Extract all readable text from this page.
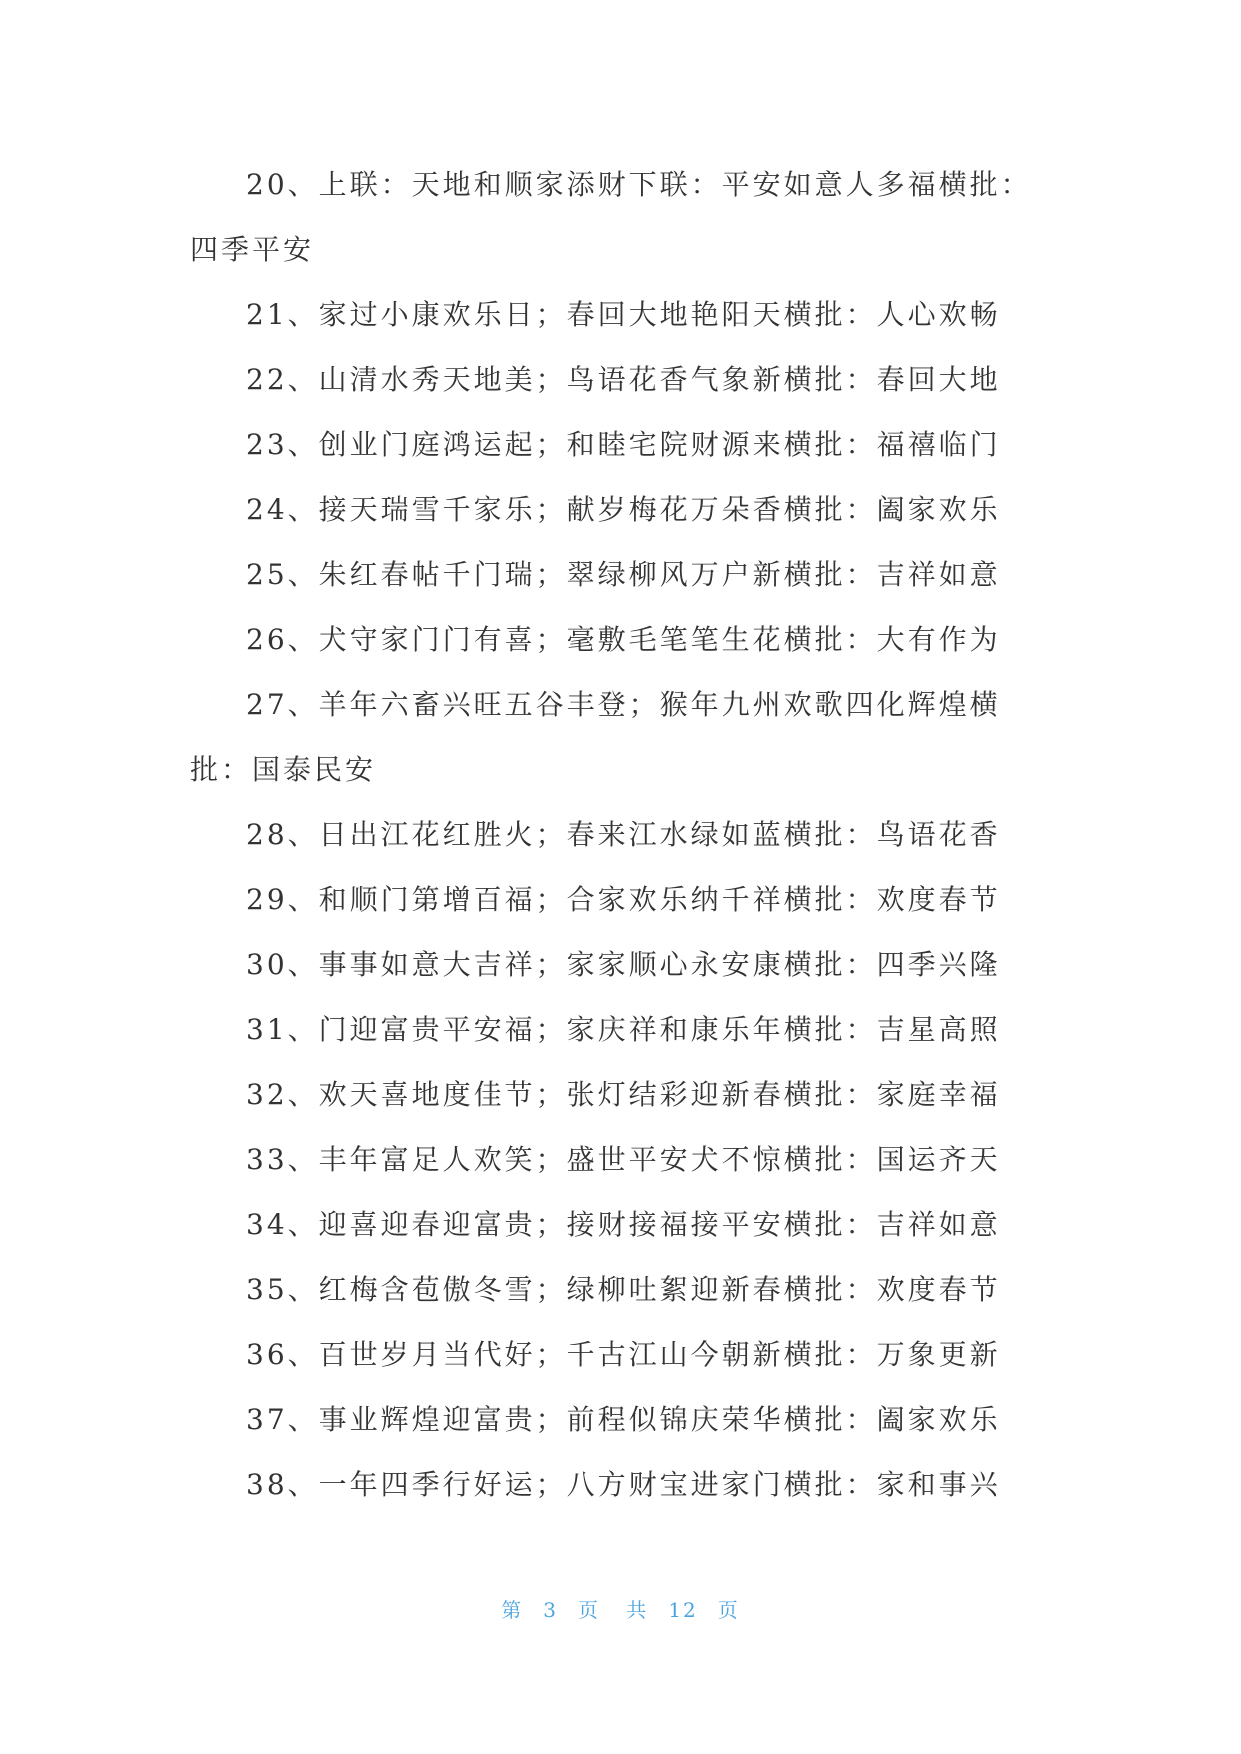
20、上联：天地和顺家添财下联：平安如意人多福横批：四季平安

21、家过小康欢乐日；春回大地艳阳天横批：人心欢畅

22、山清水秀天地美；鸟语花香气象新横批：春回大地

23、创业门庭鸿运起；和睦宅院财源来横批：福禧临门

24、接天瑞雪千家乐；献岁梅花万朵香横批：阖家欢乐

25、朱红春帖千门瑞；翠绿柳风万户新横批：吉祥如意

26、犬守家门门有喜；毫敷毛笔笔生花横批：大有作为

27、羊年六畜兴旺五谷丰登；猴年九州欢歌四化辉煌横批：国泰民安

28、日出江花红胜火；春来江水绿如蓝横批：鸟语花香

29、和顺门第增百福；合家欢乐纳千祥横批：欢度春节

30、事事如意大吉祥；家家顺心永安康横批：四季兴隆

31、门迎富贵平安福；家庆祥和康乐年横批：吉星高照

32、欢天喜地度佳节；张灯结彩迎新春横批：家庭幸福

33、丰年富足人欢笑；盛世平安犬不惊横批：国运齐天

34、迎喜迎春迎富贵；接财接福接平安横批：吉祥如意

35、红梅含苞傲冬雪；绿柳吐絮迎新春横批：欢度春节

36、百世岁月当代好；千古江山今朝新横批：万象更新

37、事业辉煌迎富贵；前程似锦庆荣华横批：阖家欢乐

38、一年四季行好运；八方财宝进家门横批：家和事兴

第 3 页 共 12 页
